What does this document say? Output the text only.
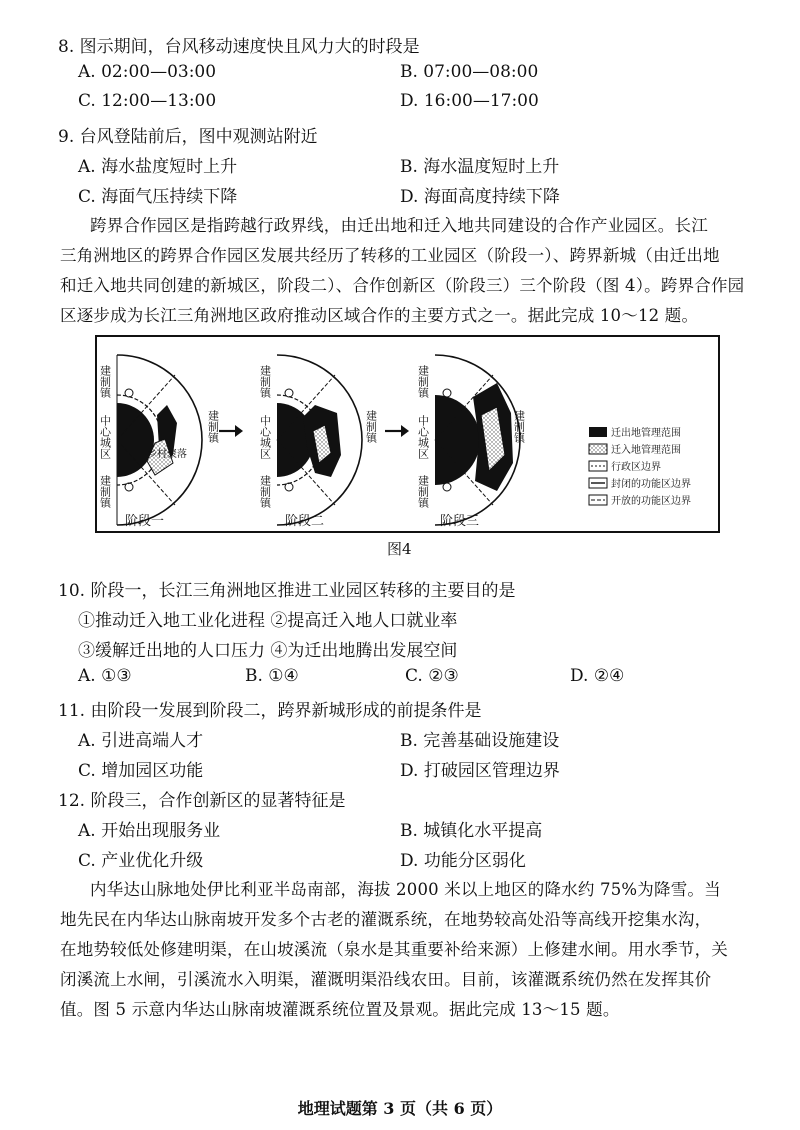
8. 图示期间，台风移动速度快且风力大的时段是
A. 02:00—03:00	B. 07:00—08:00
C. 12:00—13:00	D. 16:00—17:00
9. 台风登陆前后，图中观测站附近
A. 海水盐度短时上升	B. 海水温度短时上升
C. 海面气压持续下降	D. 海面高度持续下降
跨界合作园区是指跨越行政界线，由迁出地和迁入地共同建设的合作产业园区。长江
三角洲地区的跨界合作园区发展共经历了转移的工业园区（阶段一）、跨界新城（由迁出地
和迁入地共同创建的新城区，阶段二）、合作创新区（阶段三）三个阶段（图 4）。跨界合作园
区逐步成为长江三角洲地区政府推动区域合作的主要方式之一。据此完成 10～12 题。
建制镇
中心城区
建制镇
建制镇
乡村聚落
建制镇
中心城区
建制镇
建制镇
建制镇
中心城区
建制镇
建制镇
阶段一	阶段二	阶段三
迁出地管理范围
迁入地管理范围
行政区边界
封闭的功能区边界
开放的功能区边界
图4
10. 阶段一，长江三角洲地区推进工业园区转移的主要目的是
①推动迁入地工业化进程 ②提高迁入地人口就业率
③缓解迁出地的人口压力 ④为迁出地腾出发展空间
A. ①③	B. ①④	C. ②③	D. ②④
11. 由阶段一发展到阶段二，跨界新城形成的前提条件是
A. 引进高端人才	B. 完善基础设施建设
C. 增加园区功能	D. 打破园区管理边界
12. 阶段三，合作创新区的显著特征是
A. 开始出现服务业	B. 城镇化水平提高
C. 产业优化升级	D. 功能分区弱化
内华达山脉地处伊比利亚半岛南部，海拔 2000 米以上地区的降水约 75%为降雪。当
地先民在内华达山脉南坡开发多个古老的灌溉系统，在地势较高处沿等高线开挖集水沟，
在地势较低处修建明渠，在山坡溪流（泉水是其重要补给来源）上修建水闸。用水季节，关
闭溪流上水闸，引溪流水入明渠，灌溉明渠沿线农田。目前，该灌溉系统仍然在发挥其价
值。图 5 示意内华达山脉南坡灌溉系统位置及景观。据此完成 13～15 题。
地理试题第 3 页（共 6 页）
